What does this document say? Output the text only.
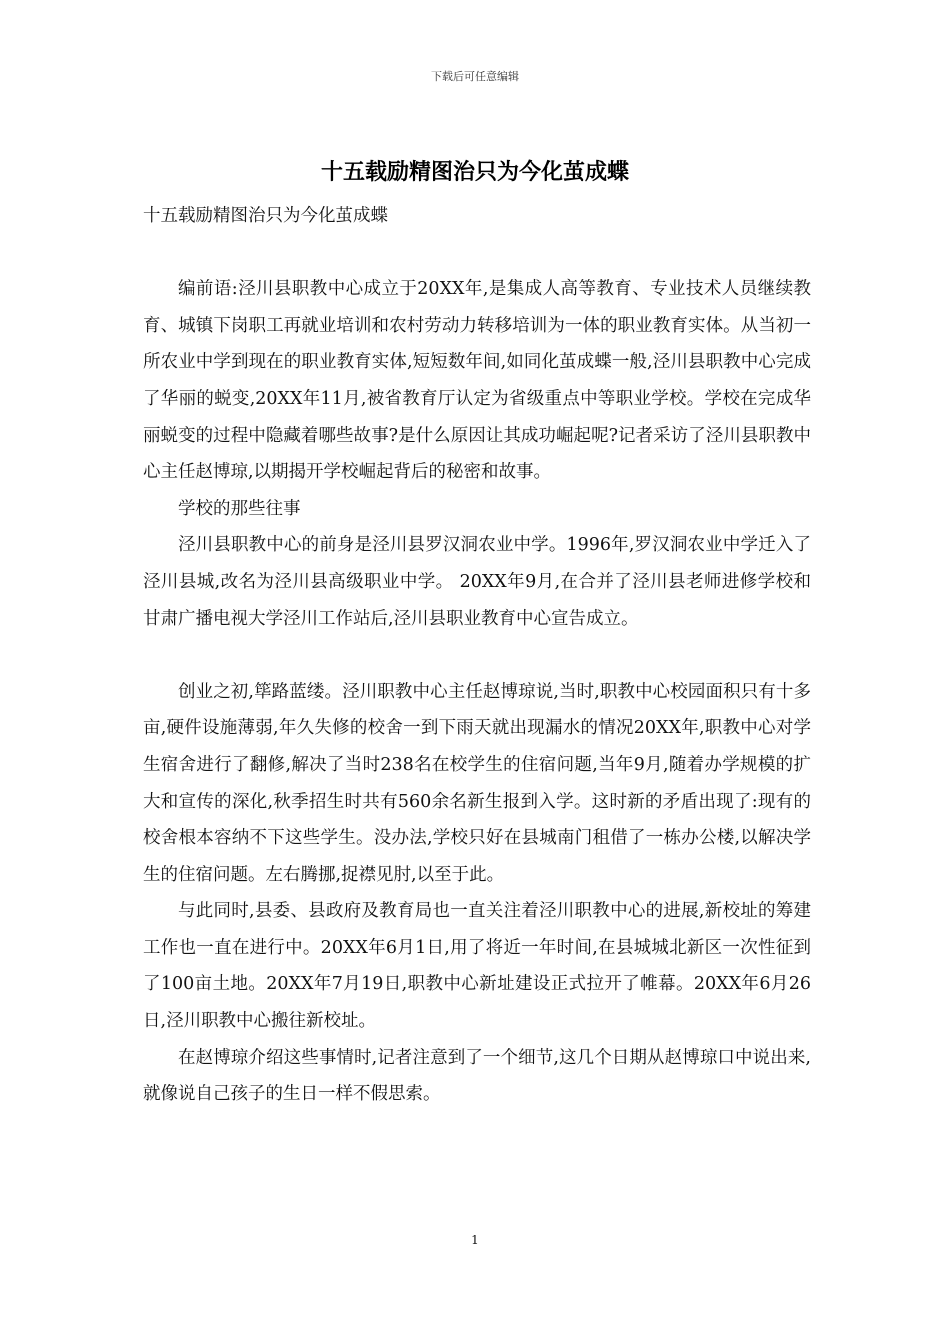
下载后可任意编辑
十五载励精图治只为今化茧成蝶

十五载励精图治只为今化茧成蝶

编前语:泾川县职教中心成立于20XX年,是集成人高等教育、专业技术人员继续教育、城镇下岗职工再就业培训和农村劳动力转移培训为一体的职业教育实体。从当初一所农业中学到现在的职业教育实体,短短数年间,如同化茧成蝶一般,泾川县职教中心完成了华丽的蜕变,20XX年11月,被省教育厅认定为省级重点中等职业学校。学校在完成华丽蜕变的过程中隐藏着哪些故事?是什么原因让其成功崛起呢?记者采访了泾川县职教中心主任赵博琼,以期揭开学校崛起背后的秘密和故事。

学校的那些往事

泾川县职教中心的前身是泾川县罗汉洞农业中学。1996年,罗汉洞农业中学迁入了泾川县城,改名为泾川县高级职业中学。 20XX年9月,在合并了泾川县老师进修学校和甘肃广播电视大学泾川工作站后,泾川县职业教育中心宣告成立。

创业之初,筚路蓝缕。泾川职教中心主任赵博琼说,当时,职教中心校园面积只有十多亩,硬件设施薄弱,年久失修的校舍一到下雨天就出现漏水的情况20XX年,职教中心对学生宿舍进行了翻修,解决了当时238名在校学生的住宿问题,当年9月,随着办学规模的扩大和宣传的深化,秋季招生时共有560余名新生报到入学。这时新的矛盾出现了:现有的校舍根本容纳不下这些学生。没办法,学校只好在县城南门租借了一栋办公楼,以解决学生的住宿问题。左右腾挪,捉襟见肘,以至于此。

与此同时,县委、县政府及教育局也一直关注着泾川职教中心的进展,新校址的筹建工作也一直在进行中。20XX年6月1日,用了将近一年时间,在县城城北新区一次性征到了100亩土地。20XX年7月19日,职教中心新址建设正式拉开了帷幕。20XX年6月26日,泾川职教中心搬往新校址。

在赵博琼介绍这些事情时,记者注意到了一个细节,这几个日期从赵博琼口中说出来,就像说自己孩子的生日一样不假思索。

1
